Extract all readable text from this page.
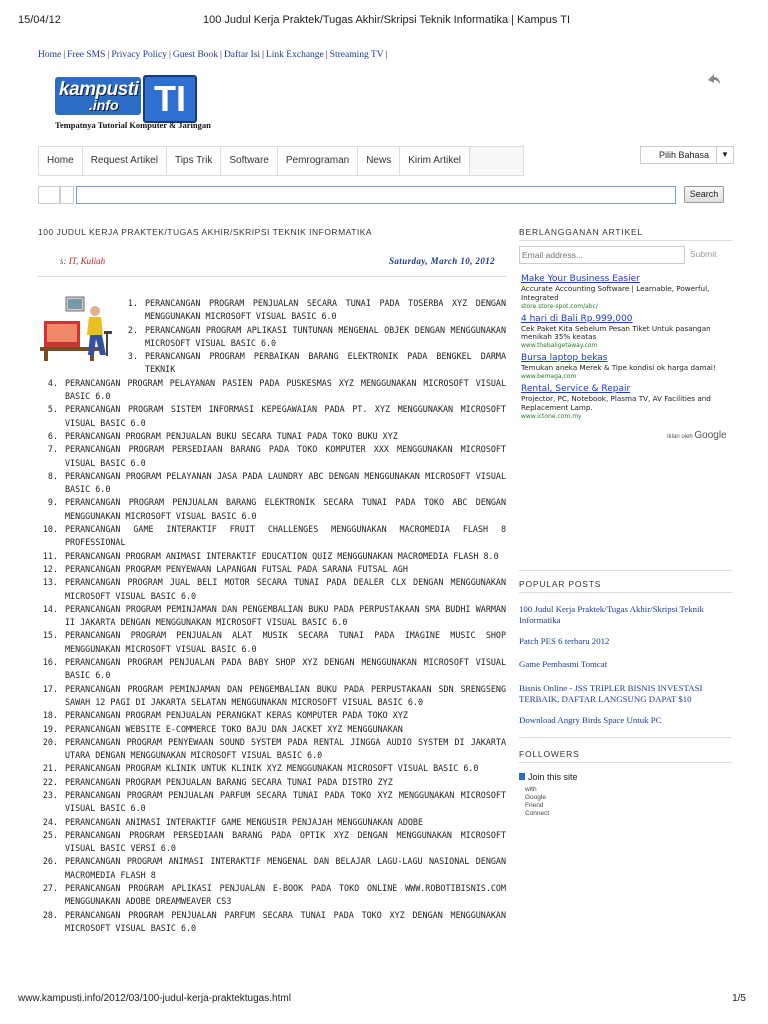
15/04/12	100 Judul Kerja Praktek/Tugas Akhir/Skripsi Teknik Informatika | Kampus TI
Home | Free SMS | Privacy Policy | Guest Book | Daftar Isi | Link Exchange | Streaming TV |
kampusti
.info TI
Tempatnya Tutorial Komputer & Jaringan
Home	Request Artikel	Tips Trik	Software	Pemrograman	News	Kirim Artikel	Pilih Bahasa	▼
Search
100 JUDUL KERJA PRAKTEK/TUGAS AKHIR/SKRIPSI TEKNIK INFORMATIKA
s: IT, Kuliah	Saturday, March 10, 2012
1. PERANCANGAN PROGRAM PENJUALAN SECARA TUNAI PADA TOSERBA XYZ DENGAN MENGGUNAKAN MICROSOFT VISUAL BASIC 6.0
2. PERANCANGAN PROGRAM APLIKASI TUNTUNAN MENGENAL OBJEK DENGAN MENGGUNAKAN MICROSOFT VISUAL BASIC 6.0
3. PERANCANGAN PROGRAM PERBAIKAN BARANG ELEKTRONIK PADA BENGKEL DARMA TEKNIK
4. PERANCANGAN PROGRAM PELAYANAN PASIEN PADA PUSKESMAS XYZ MENGGUNAKAN MICROSOFT VISUAL BASIC 6.0
5. PERANCANGAN PROGRAM SISTEM INFORMASI KEPEGAWAIAN PADA PT. XYZ MENGGUNAKAN MICROSOFT VISUAL BASIC 6.0
6. PERANCANGAN PROGRAM PENJUALAN BUKU SECARA TUNAI PADA TOKO BUKU XYZ
7. PERANCANGAN PROGRAM PERSEDIAAN BARANG PADA TOKO KOMPUTER XXX MENGGUNAKAN MICROSOFT VISUAL BASIC 6.0
8. PERANCANGAN PROGRAM PELAYANAN JASA PADA LAUNDRY ABC DENGAN MENGGUNAKAN MICROSOFT VISUAL BASIC 6.0
9. PERANCANGAN PROGRAM PENJUALAN BARANG ELEKTRONIK SECARA TUNAI PADA TOKO ABC DENGAN MENGGUNAKAN MICROSOFT VISUAL BASIC 6.0
10. PERANCANGAN GAME INTERAKTIF FRUIT CHALLENGES MENGGUNAKAN MACROMEDIA FLASH 8 PROFESSIONAL
11. PERANCANGAN PROGRAM ANIMASI INTERAKTIF EDUCATION QUIZ MENGGUNAKAN MACROMEDIA FLASH 8.0
12. PERANCANGAN PROGRAM PENYEWAAN LAPANGAN FUTSAL PADA SARANA FUTSAL AGH
13. PERANCANGAN PROGRAM JUAL BELI MOTOR SECARA TUNAI PADA DEALER CLX DENGAN MENGGUNAKAN MICROSOFT VISUAL BASIC 6.0
14. PERANCANGAN PROGRAM PEMINJAMAN DAN PENGEMBALIAN BUKU PADA PERPUSTAKAAN SMA BUDHI WARMAN II JAKARTA DENGAN MENGGUNAKAN MICROSOFT VISUAL BASIC 6.0
15. PERANCANGAN PROGRAM PENJUALAN ALAT MUSIK SECARA TUNAI PADA IMAGINE MUSIC SHOP MENGGUNAKAN MICROSOFT VISUAL BASIC 6.0
16. PERANCANGAN PROGRAM PENJUALAN PADA BABY SHOP XYZ DENGAN MENGGUNAKAN MICROSOFT VISUAL BASIC 6.0
17. PERANCANGAN PROGRAM PEMINJAMAN DAN PENGEMBALIAN BUKU PADA PERPUSTAKAAN SDN SRENGSENG SAWAH 12 PAGI DI JAKARTA SELATAN MENGGUNAKAN MICROSOFT VISUAL BASIC 6.0
18. PERANCANGAN PROGRAM PENJUALAN PERANGKAT KERAS KOMPUTER PADA TOKO XYZ
19. PERANCANGAN WEBSITE E-COMMERCE TOKO BAJU DAN JACKET XYZ MENGGUNAKAN
20. PERANCANGAN PROGRAM PENYEWAAN SOUND SYSTEM PADA RENTAL JINGGA AUDIO SYSTEM DI JAKARTA UTARA DENGAN MENGGUNAKAN MICROSOFT VISUAL BASIC 6.0
21. PERANCANGAN PROGRAM KLINIK UNTUK KLINIK XYZ MENGGUNAKAN MICROSOFT VISUAL BASIC 6.0
22. PERANCANGAN PROGRAM PENJUALAN BARANG SECARA TUNAI PADA DISTRO ZYZ
23. PERANCANGAN PROGRAM PENJUALAN PARFUM SECARA TUNAI PADA TOKO XYZ MENGGUNAKAN MICROSOFT VISUAL BASIC 6.0
24. PERANCANGAN ANIMASI INTERAKTIF GAME MENGUSIR PENJAJAH MENGGUNAKAN ADOBE
25. PERANCANGAN PROGRAM PERSEDIAAN BARANG PADA OPTIK XYZ DENGAN MENGGUNAKAN MICROSOFT VISUAL BASIC VERSI 6.0
26. PERANCANGAN PROGRAM ANIMASI INTERAKTIF MENGENAL DAN BELAJAR LAGU-LAGU NASIONAL DENGAN MACROMEDIA FLASH 8
27. PERANCANGAN PROGRAM APLIKASI PENJUALAN E-BOOK PADA TOKO ONLINE WWW.ROBOTIBISNIS.COM MENGGUNAKAN ADOBE DREAMWEAVER CS3
28. PERANCANGAN PROGRAM PENJUALAN PARFUM SECARA TUNAI PADA TOKO XYZ DENGAN MENGGUNAKAN MICROSOFT VISUAL BASIC 6.0
BERLANGGANAN ARTIKEL
Email address...
Submit
Make Your Business Easier
Accurate Accounting Software | Learnable, Powerful, Integrated
store.store-spot.com/abc/
4 hari di Bali Rp.999,000
Cek Paket Kita Sebelum Pesan Tiket Untuk pasangan menikah 35% keatas
www.thebaligetaway.com
Bursa laptop bekas
Temukan aneka Merek & Tipe kondisi ok harga damai!
www.bemaga.com
Rental, Service & Repair
Projector, PC, Notebook, Plasma TV, AV Facilities and Replacement Lamp.
www.ictone.com.my
Iklan oleh Google
POPULAR POSTS
100 Judul Kerja Praktek/Tugas Akhir/Skripsi Teknik Informatika
Patch PES 6 terbaru 2012
Game Pembasmi Tomcat
Bisnis Online - JSS TRIPLER BISNIS INVESTASI TERBAIK, DAFTAR LANGSUNG DAPAT $10
Download Angry Birds Space Untuk PC
FOLLOWERS
Join this site
with
Google
Friend
Connect
www.kampusti.info/2012/03/100-judul-kerja-praktektugas.html	1/5
